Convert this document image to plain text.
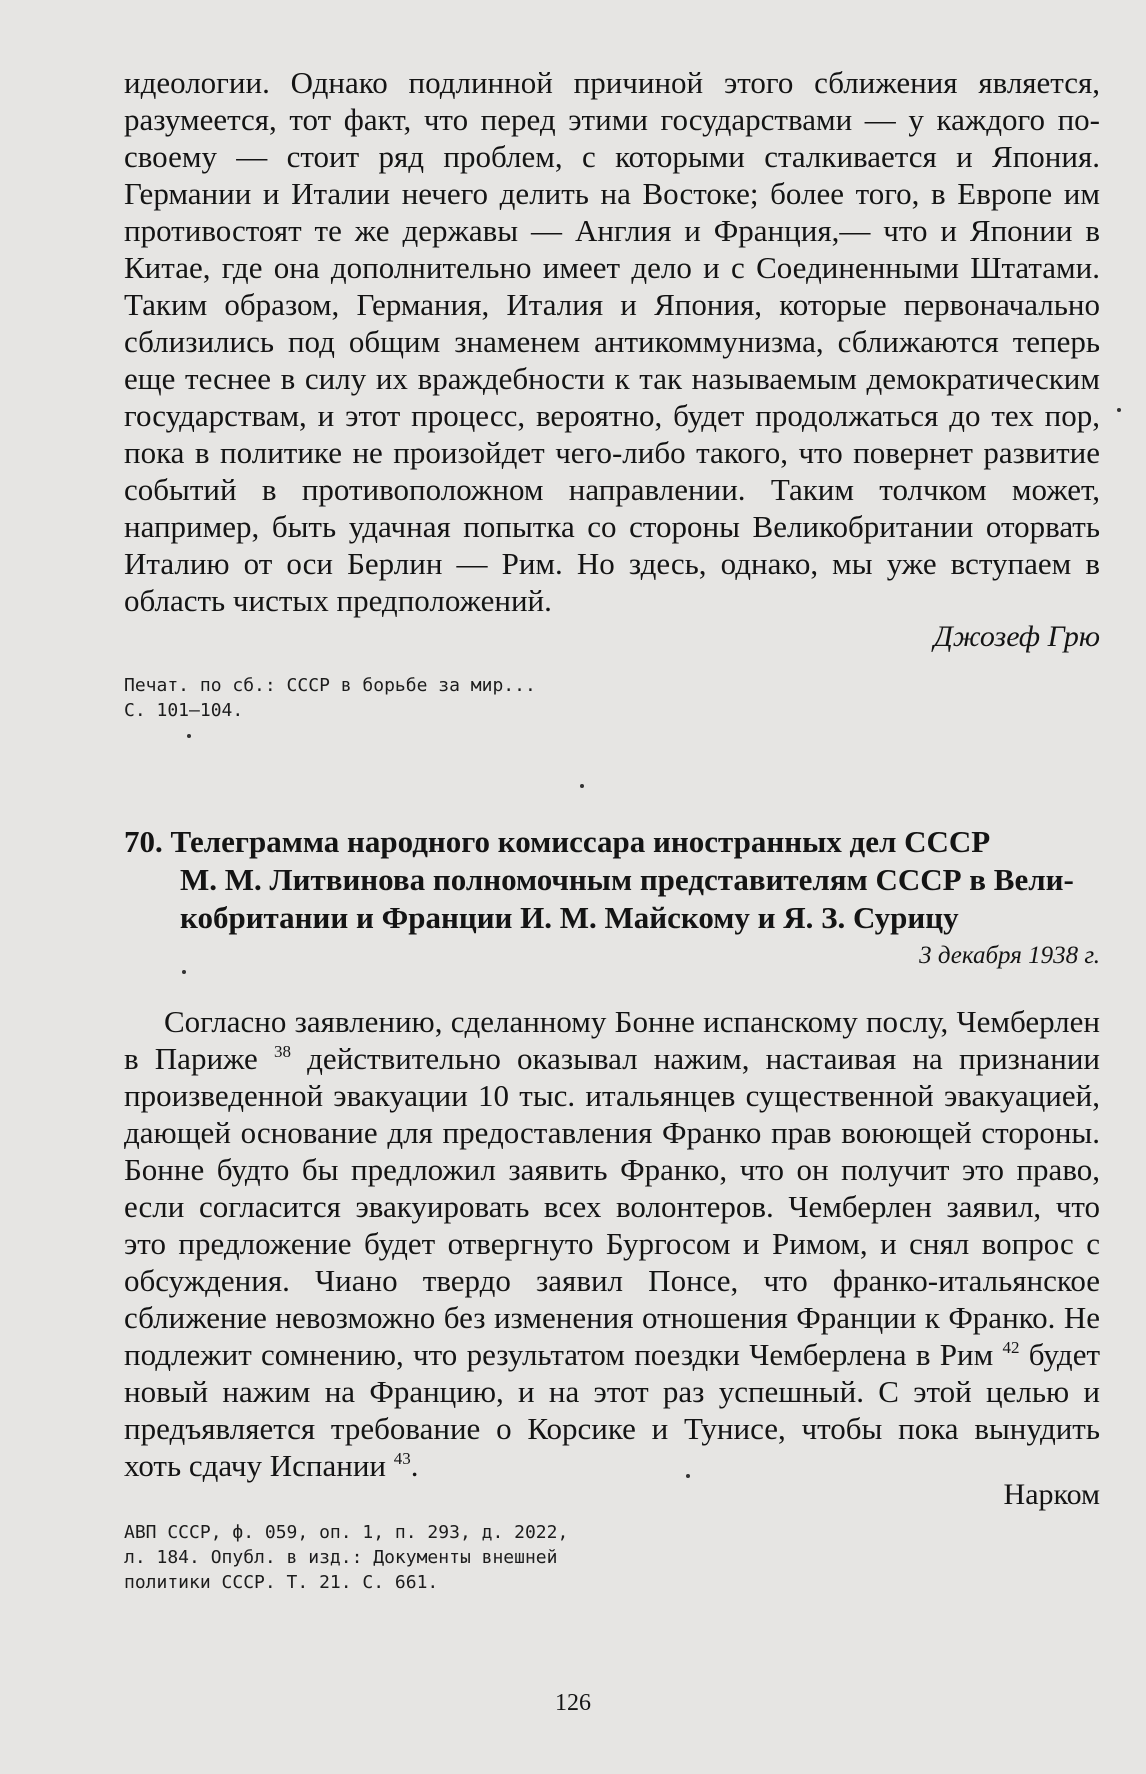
идеологии. Однако подлинной причиной этого сближения является, разумеется, тот факт, что перед этими государствами — у каждого по-своему — стоит ряд проблем, с которыми сталкивается и Япония. Германии и Италии нечего делить на Востоке; более того, в Европе им противостоят те же державы — Англия и Франция,— что и Японии в Китае, где она дополнительно имеет дело и с Соединенными Штатами. Таким образом, Германия, Италия и Япония, которые первоначально сблизились под общим знаменем антикоммунизма, сближаются теперь еще теснее в силу их враждебности к так называемым демократическим государствам, и этот процесс, вероятно, будет продолжаться до тех пор, пока в политике не произойдет чего-либо такого, что повернет развитие событий в противоположном направлении. Таким толчком может, например, быть удачная попытка со стороны Великобритании оторвать Италию от оси Берлин — Рим. Но здесь, однако, мы уже вступаем в область чистых предположений.

Джозеф Грю
Печат. по сб.: СССР в борьбе за мир...
С. 101—104.
70. Телеграмма народного комиссара иностранных дел СССР
М. М. Литвинова полномочным представителям СССР в Вели-
кобритании и Франции И. М. Майскому и Я. З. Сурицу
3 декабря 1938 г.

Согласно заявлению, сделанному Бонне испанскому послу, Чемберлен в Париже $^{38}$ действительно оказывал нажим, настаивая на признании произведенной эвакуации 10 тыс. итальянцев существенной эвакуацией, дающей основание для предоставления Франко прав воюющей стороны. Бонне будто бы предложил заявить Франко, что он получит это право, если согласится эвакуировать всех волонтеров. Чемберлен заявил, что это предложение будет отвергнуто Бургосом и Римом, и снял вопрос с обсуждения. Чиано твердо заявил Понсе, что франко-итальянское сближение невозможно без изменения отношения Франции к Франко. Не подлежит сомнению, что результатом поездки Чемберлена в Рим $^{42}$ будет новый нажим на Францию, и на этот раз успешный. С этой целью и предъявляется требование о Корсике и Тунисе, чтобы пока вынудить хоть сдачу Испании $^{43}$.

Нарком
АВП СССР, ф. 059, оп. 1, п. 293, д. 2022,
л. 184. Опубл. в изд.: Документы внешней
политики СССР. Т. 21. С. 661.
126
